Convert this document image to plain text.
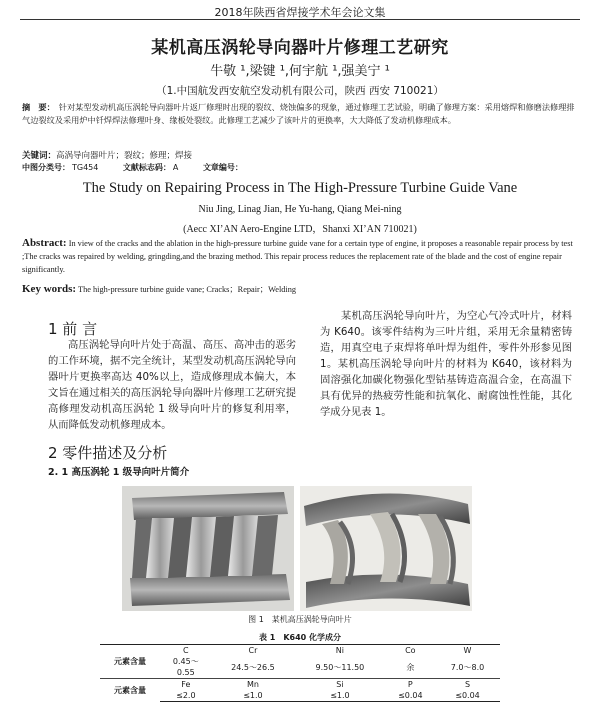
2018年陕西省焊接学术年会论文集
某机高压涡轮导向器叶片修理工艺研究
牛敬 ¹,梁键 ¹,何宇航 ¹,强美宁 ¹
（1.中国航发西安航空发动机有限公司，陕西 西安 710021）
摘　要： 针对某型发动机高压涡轮导向器叶片返厂修理时出现的裂纹、烧蚀偏多的现象，通过修理工艺试验，明确了修理方案：采用熔焊和修磨法修理排气边裂纹及采用炉中钎焊焊法修理叶身、缘板处裂纹。此修理工艺减少了该叶片的更换率，大大降低了发动机修理成本。
关键词：高涡导向器叶片；裂纹；修理；焊接
中图分类号： TG454	文献标志码： A	文章编号：
The Study on Repairing Process in The High-Pressure Turbine Guide Vane
Niu Jing, Linag Jian, He Yu-hang, Qiang Mei-ning
(Aecc XI’AN Aero-Engine LTD，Shanxi XI’AN 710021)
Abstract: In view of the cracks and the ablation in the high-pressure turbine guide vane for a certain type of engine, it proposes a reasonable repair process by test ;The cracks was repaired by welding, gringding,and the brazing method. This repair process reduces the replacement rate of the blade and the cost of engine repair significantly.
Key words: The high-pressure turbine guide vane; Cracks；Repair；Welding
1 前 言
高压涡轮导向叶片处于高温、高压、高冲击的恶劣的工作环境，据不完全统计，某型发动机高压涡轮导向器叶片更换率高达 40%以上，造成修理成本偏大，本文旨在通过相关的高压涡轮导向器叶片修理工艺研究提高修理发动机高压涡轮 1 级导向叶片的修复利用率，从而降低发动机修理成本。
　　某机高压涡轮导向叶片，为空心气冷式叶片，材料为 K640。该零件结构为三叶片组，采用无余量精密铸造，用真空电子束焊将单叶焊为组件，零件外形参见图 1。某机高压涡轮导向叶片的材料为 K640，该材料为固溶强化加碳化物强化型钴基铸造高温合金，在高温下具有优异的热疲劳性能和抗氧化、耐腐蚀性性能，其化学成分见表 1。
2 零件描述及分析
2. 1 高压涡轮 1 级导向叶片简介
图 1　某机高压涡轮导向叶片
表 1　K640 化学成分
元素含量	C	Cr	Ni	Co	W

	0.45～
0.55	24.5～26.5	9.50～11.50	余	7.0～8.0
元素含量	Fe	Mn	Si	P	S
	≤2.0	≤1.0	≤1.0	≤0.04	≤0.04
